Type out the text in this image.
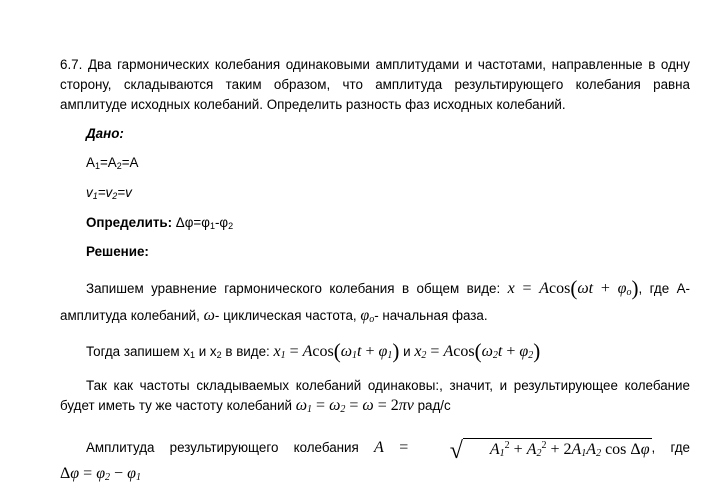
6.7. Два гармонических колебания одинаковыми амплитудами и частотами, направленные в одну сторону, складываются таким образом, что амплитуда результирующего колебания равна амплитуде исходных колебаний. Определить разность фаз исходных колебаний.
Дано:
$A_1=A_2=A$
$v_1=v_2=v$
Определить: $\Delta\varphi=\varphi_1-\varphi_2$
Решение:
Запишем уравнение гармонического колебания в общем виде: $x = Acos(\omega t + \varphi_o)$, где А-амплитуда колебаний, ω- циклическая частота, $\varphi_o-$ начальная фаза.
Тогда запишем $x_1$ и $x_2$ в виде: $x_1 = Acos(\omega_1t + \varphi_1)$ и $x_2 = Acos(\omega_2t + \varphi_2)$
Так как частоты складываемых колебаний одинаковы:, значит, и результирующее колебание будет иметь ту же частоту колебаний $\omega_1 = \omega_2 = \omega = 2\pi\nu$ рад/с
Амплитуда результирующего колебания A = √ $A_1^2 + A_2^2 + 2A_1A_2$ cos Δφ , где $\Delta\varphi = \varphi_2 - \varphi_1$
